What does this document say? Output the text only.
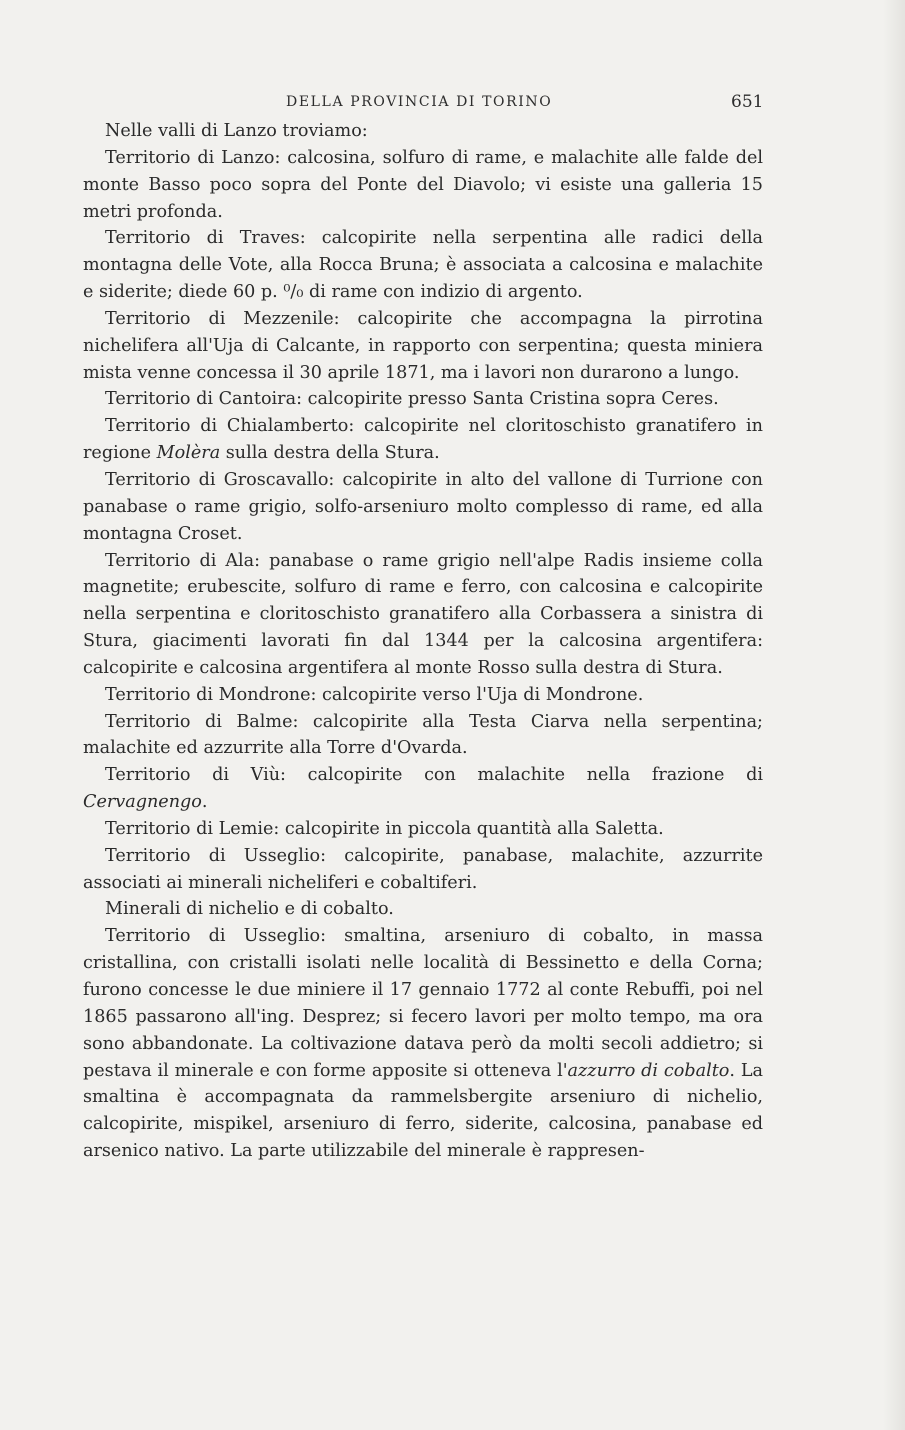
DELLA PROVINCIA DI TORINO	651

Nelle valli di Lanzo troviamo:

Territorio di Lanzo: calcosina, solfuro di rame, e malachite alle falde del monte Basso poco sopra del Ponte del Diavolo; vi esiste una galleria 15 metri profonda.

Territorio di Traves: calcopirite nella serpentina alle radici della montagna delle Vote, alla Rocca Bruna; è associata a calcosina e malachite e siderite; diede 60 p. ⁰/₀ di rame con indizio di argento.

Territorio di Mezzenile: calcopirite che accompagna la pirrotina nichelifera all'Uja di Calcante, in rapporto con serpentina; questa miniera mista venne concessa il 30 aprile 1871, ma i lavori non durarono a lungo.

Territorio di Cantoira: calcopirite presso Santa Cristina sopra Ceres.

Territorio di Chialamberto: calcopirite nel cloritoschisto granatifero in regione Molèra sulla destra della Stura.

Territorio di Groscavallo: calcopirite in alto del vallone di Turrione con panabase o rame grigio, solfo-arseniuro molto complesso di rame, ed alla montagna Croset.

Territorio di Ala: panabase o rame grigio nell'alpe Radis insieme colla magnetite; erubescite, solfuro di rame e ferro, con calcosina e calcopirite nella serpentina e cloritoschisto granatifero alla Corbassera a sinistra di Stura, giacimenti lavorati fin dal 1344 per la calcosina argentifera: calcopirite e calcosina argentifera al monte Rosso sulla destra di Stura.

Territorio di Mondrone: calcopirite verso l'Uja di Mondrone.

Territorio di Balme: calcopirite alla Testa Ciarva nella serpentina; malachite ed azzurrite alla Torre d'Ovarda.

Territorio di Viù: calcopirite con malachite nella frazione di Cervagnengo.

Territorio di Lemie: calcopirite in piccola quantità alla Saletta.

Territorio di Usseglio: calcopirite, panabase, malachite, azzurrite associati ai minerali nicheliferi e cobaltiferi.

Minerali di nichelio e di cobalto.

Territorio di Usseglio: smaltina, arseniuro di cobalto, in massa cristallina, con cristalli isolati nelle località di Bessinetto e della Corna; furono concesse le due miniere il 17 gennaio 1772 al conte Rebuffi, poi nel 1865 passarono all'ing. Desprez; si fecero lavori per molto tempo, ma ora sono abbandonate. La coltivazione datava però da molti secoli addietro; si pestava il minerale e con forme apposite si otteneva l'azzurro di cobalto. La smaltina è accompagnata da rammelsbergite arseniuro di nichelio, calcopirite, mispikel, arseniuro di ferro, siderite, calcosina, panabase ed arsenico nativo. La parte utilizzabile del minerale è rappresen-
